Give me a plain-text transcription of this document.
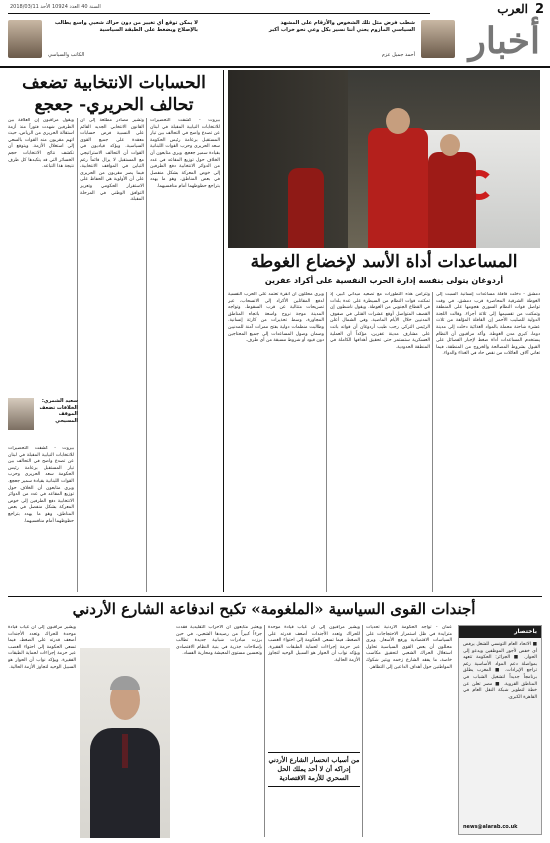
2
العرب
السنة 40 العدد 10924 الأحد 2018/03/11
أخبار
شطب فرض مثل تلك الشخوص والأرقام على المشهد السياسي المأزوم يعني أننا نسير بكل وعي نحو خراب أكبر
أحمد جميل عزم
لا يمكن توقع أي تغيير من دون حراك شعبي واسع يطالب بالإصلاح ويضغط على الطبقة السياسية
الكاتب والسياسي
المساعدات أداة الأسد لإخضاع الغوطة
أردوغان يتولى بنفسه إدارة الحرب النفسية على أكراد عفرين
دمشق - دخلت قافلة مساعدات إنسانية السبت إلى الغوطة الشرقية المحاصرة قرب دمشق، في وقت تواصل قوات النظام السوري هجومها على المنطقة وتمكنت من تقسيمها إلى ثلاثة أجزاء. وقالت اللجنة الدولية للصليب الأحمر إن القافلة المؤلفة من ثلاث عشرة شاحنة محملة بالمواد الغذائية دخلت إلى مدينة دوما، كبرى مدن الغوطة. وأكد مراقبون أن النظام يستخدم المساعدات أداة ضغط لإجبار الفصائل على القبول بشروط المصالحة والخروج من المنطقة، فيما تعاني آلاف العائلات من نقص حاد في الغذاء والدواء.
وتتزامن هذه التطورات مع تصعيد ميداني كبير، إذ تمكنت قوات النظام من السيطرة على عدة بلدات في القطاع الجنوبي من الغوطة. ويقول ناشطون إن القصف المتواصل أوقع عشرات القتلى في صفوف المدنيين خلال الأيام الماضية. وفي الشمال أعلن الرئيس التركي رجب طيب أردوغان أن قواته باتت على مشارف مدينة عفرين، مؤكداً أن العملية العسكرية ستستمر حتى تحقيق أهدافها الكاملة في المنطقة الحدودية.
ويرى محللون أن أنقرة تعتمد على الحرب النفسية لدفع المقاتلين الأكراد إلى الانسحاب، عبر تصريحات متتالية عن قرب السقوط. وتواجه المدينة موجة نزوح واسعة باتجاه المناطق المجاورة، وسط تحذيرات من كارثة إنسانية. وطالبت منظمات دولية بفتح ممرات آمنة للمدنيين وضمان وصول المساعدات إلى جميع المحتاجين دون قيود أو شروط مسبقة من أي طرف.
الحسابات الانتخابية تضعف تحالف الحريري- جعجع
بيروت - كشفت التحضيرات للانتخابات النيابية المقبلة في لبنان عن تصدع واضح في التحالف بين تيار المستقبل بزعامة رئيس الحكومة سعد الحريري وحزب القوات اللبنانية بقيادة سمير جعجع. ويرى متابعون أن الخلاف حول توزيع المقاعد في عدد من الدوائر الانتخابية دفع الطرفين إلى خوض المعركة بشكل منفصل في بعض المناطق، وهو ما يهدد بتراجع حظوظهما أمام منافسيهما.
وتشير مصادر مطلعة إلى أن القانون الانتخابي الجديد القائم على النسبية فرض حسابات معقدة على جميع القوى السياسية. ويؤكد قياديون في القوات أن التحالف الاستراتيجي مع المستقبل لا يزال قائماً رغم التباين في المواقف الانتخابية، فيما يصر مقربون من الحريري على أن الأولوية هي الحفاظ على الاستقرار الحكومي وتعزيز التوافق الوطني في المرحلة المقبلة.
ويقول مراقبون إن العلاقة بين الطرفين شهدت فتوراً منذ أزمة استقالة الحريري من الرياض، حيث اتهم مقربون منه القوات بالسعي إلى استغلال الأزمة. ويتوقع أن تكشف نتائج الانتخابات حجم الخسائر التي قد يتكبدها كل طرف نتيجة هذا التباعد.
سعيد الشمري: الخلافات تضعف الموقف المسيحي
بيروت - كشفت التحضيرات للانتخابات النيابية المقبلة في لبنان عن تصدع واضح في التحالف بين تيار المستقبل بزعامة رئيس الحكومة سعد الحريري وحزب القوات اللبنانية بقيادة سمير جعجع. ويرى متابعون أن الخلاف حول توزيع المقاعد في عدد من الدوائر الانتخابية دفع الطرفين إلى خوض المعركة بشكل منفصل في بعض المناطق، وهو ما يهدد بتراجع حظوظهما أمام منافسيهما.
أجندات القوى السياسية «الملغومة» تكبح اندفاعة الشارع الأردني
باختصار
■ الاتحاد العام التونسي للشغل يرفض أي خفض لأجور الموظفين ويدعو إلى الحوار. ■ الجزائر: الحكومة تتعهد بمواصلة دعم المواد الأساسية رغم تراجع الإيرادات. ■ المغرب يطلق برنامجاً جديداً لتشغيل الشباب في المناطق القروية. ■ مصر تعلن عن خطة لتطوير شبكة النقل العام في القاهرة الكبرى.
news@alarab.co.uk
عمان - تواجه الحكومة الأردنية تحديات متزايدة في ظل استمرار الاحتجاجات على السياسات الاقتصادية ورفع الأسعار. ويرى محللون أن بعض القوى السياسية تحاول استغلال الحراك الشعبي لتحقيق مكاسب خاصة، ما يفقد الشارع زخمه ويثير شكوك المواطنين حول أهداف الداعين إلى التظاهر.
ويشير مراقبون إلى أن غياب قيادة موحدة للحراك وتعدد الأجندات أضعف قدرته على الضغط، فيما تسعى الحكومة إلى احتواء الغضب عبر حزمة إجراءات لحماية الطبقات الفقيرة. ويؤكد نواب أن الحوار هو السبيل الوحيد لتجاوز الأزمة الحالية.
من أسباب انحسار الشارع الأردني إدراكه أن لا أحد يملك الحل السحري للأزمة الاقتصادية
ويعتبر متابعون أن الأحزاب التقليدية فقدت جزءاً كبيراً من رصيدها الشعبي، في حين برزت مبادرات شبابية جديدة تطالب بإصلاحات جذرية في بنية النظام الاقتصادي وتحسين مستوى المعيشة ومحاربة الفساد.
ويشير مراقبون إلى أن غياب قيادة موحدة للحراك وتعدد الأجندات أضعف قدرته على الضغط، فيما تسعى الحكومة إلى احتواء الغضب عبر حزمة إجراءات لحماية الطبقات الفقيرة. ويؤكد نواب أن الحوار هو السبيل الوحيد لتجاوز الأزمة الحالية.
